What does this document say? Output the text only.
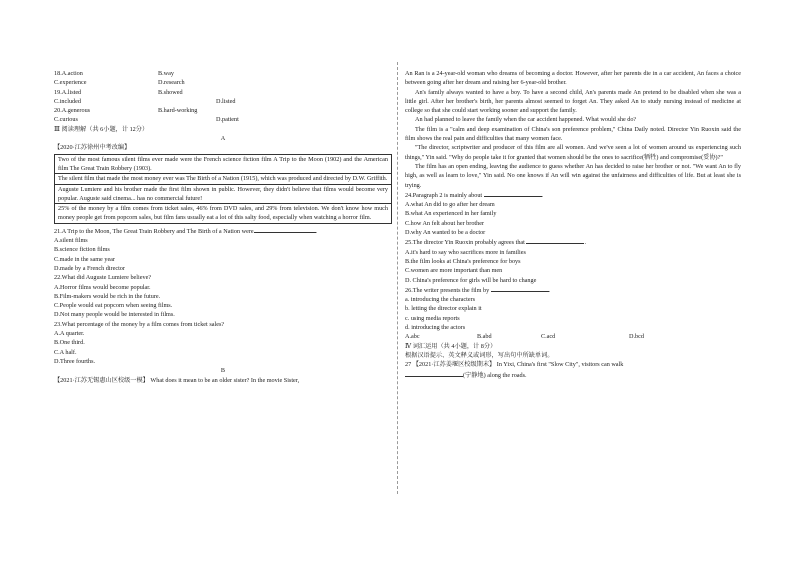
18.A.action	B.way
C.experience	D.research
19.A.listed	B.showed
C.included	D.listed
20.A.generous	B.hard-working
C.curious	D.patient
Ⅲ 阅读理解（共 6小题，计 12分）
A
【2020·江苏徐州中考改编】
Two of the most famous silent films ever made were the French science fiction film A Trip to the Moon (1902) and the American film The Great Train Robbery (1903).
The silent film that made the most money ever was The Birth of a Nation (1915), which was produced and directed by D.W. Griffith.
Auguste Lumiere and his brother made the first film shown in public. However, they didn't believe that films would become very popular. Auguste said cinema... has no commercial future!
25% of the money by a film comes from ticket sales, 46% from DVD sales, and 29% from television. We don't know how much money people get from popcorn sales, but film fans usually eat a lot of this salty food, especially when watching a horror film.
21.A Trip to the Moon, The Great Train Robbery and The Birth of a Nation were	.
A.silent films
B.science fiction films
C.made in the same year
D.made by a French director
22.What did Auguste Lumiere believe?
A.Horror films would become popular.
B.Film-makers would be rich in the future.
C.People would eat popcorn when seeing films.
D.Not many people would be interested in films.
23.What percentage of the money by a film comes from ticket sales?
A.A quarter.
B.One third.
C.A half.
D.Three fourths.
B
【2021·江苏无锡惠山区校级一模】 What does it mean to be an older sister? In the movie Sister,
An Ran is a 24-year-old woman who dreams of becoming a doctor. However, after her parents die in a car accident, An faces a choice between going after her dream and raising her 6-year-old brother.
An's family always wanted to have a boy. To have a second child, An's parents made An pretend to be disabled when she was a little girl. After her brother's birth, her parents almost seemed to forget An. They asked An to study nursing instead of medicine at college so that she could start working sooner and support the family.
An had planned to leave the family when the car accident happened. What would she do?
The film is a "calm and deep examination of China's son preference problem," China Daily noted. Director Yin Ruoxin said the film shows the real pain and difficulties that many women face.
"The director, scriptwriter and producer of this film are all women. And we've seen a lot of women around us experiencing such things," Yin said. "Why do people take it for granted that women should be the ones to sacrifice(牺牲) and compromise(妥协)?"
The film has an open ending, leaving the audience to guess whether An has decided to raise her brother or not. "We want An to fly high, as well as learn to love," Yin said. No one knows if An will win against the unfairness and difficulties of life. But at least she is trying.
24.Paragraph 2 is mainly about	.
A.what An did to go after her dream
B.what An experienced in her family
C.how An felt about her brother
D.why An wanted to be a doctor
25.The director Yin Ruoxin probably agrees that	.
A.it's hard to say who sacrifices more in families
B.the film looks at China's preference for boys
C.women are more important than men
D. China's preference for girls will be hard to change
26.The writer presents the film by	.
a. introducing the characters
b. letting the director explain it
c. using media reports
d. introducing the actors
A.abc	B.abd	C.acd	D.bcd
Ⅳ 词汇运用（共 4小题，计 8分）
根据汉语提示、英文释义或词形，写出句中所缺单词。
27 【2021·江苏姜堰区校级期末】 In Yixi, China's first "Slow City", visitors can walk
(宁静地) along the roads.
